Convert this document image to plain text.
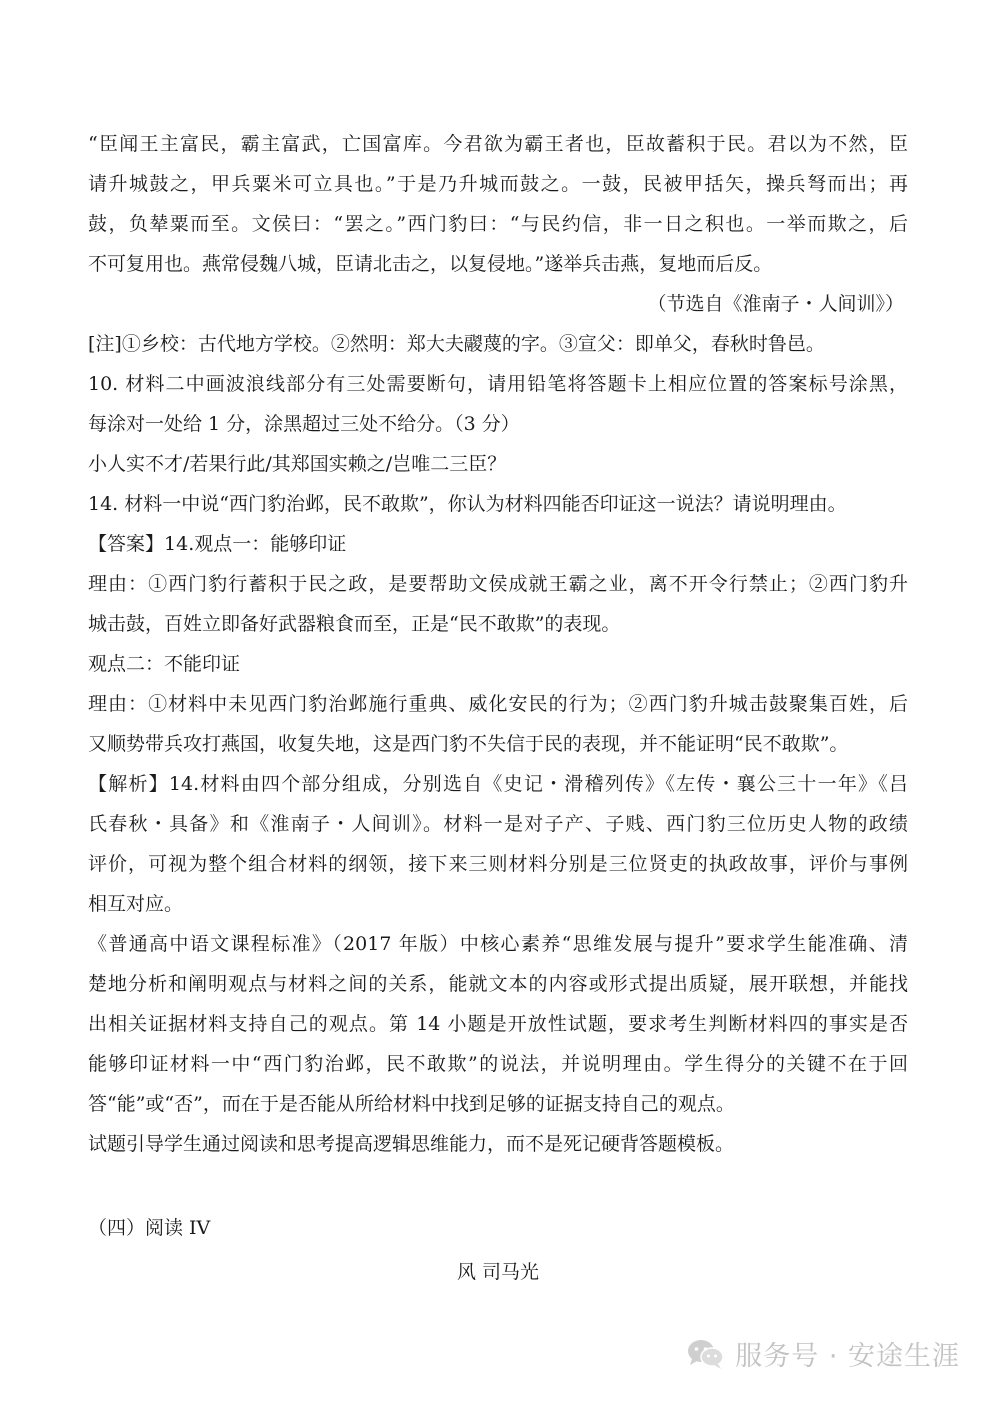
“臣闻王主富民，霸主富武，亡国富库。今君欲为霸王者也，臣故蓄积于民。君以为不然，臣
请升城鼓之，甲兵粟米可立具也。”于是乃升城而鼓之。一鼓，民被甲括矢，操兵弩而出；再
鼓，负辇粟而至。文侯曰：“罢之。”西门豹曰：“与民约信，非一日之积也。一举而欺之，后
不可复用也。燕常侵魏八城，臣请北击之，以复侵地。”遂举兵击燕，复地而后反。
（节选自《淮南子・人间训》）
[注]①乡校：古代地方学校。②然明：郑大夫鬷蔑的字。③宣父：即单父，春秋时鲁邑。
10. 材料二中画波浪线部分有三处需要断句，请用铅笔将答题卡上相应位置的答案标号涂黑，
每涂对一处给 1 分，涂黑超过三处不给分。（3 分）
小人实不才/若果行此/其郑国实赖之/岂唯二三臣？
14. 材料一中说“西门豹治邺，民不敢欺”，你认为材料四能否印证这一说法？请说明理由。
【答案】14.观点一：能够印证
理由：①西门豹行蓄积于民之政，是要帮助文侯成就王霸之业，离不开令行禁止；②西门豹升
城击鼓，百姓立即备好武器粮食而至，正是“民不敢欺”的表现。
观点二：不能印证
理由：①材料中未见西门豹治邺施行重典、威化安民的行为；②西门豹升城击鼓聚集百姓，后
又顺势带兵攻打燕国，收复失地，这是西门豹不失信于民的表现，并不能证明“民不敢欺”。
【解析】14.材料由四个部分组成，分别选自《史记・滑稽列传》《左传・襄公三十一年》《吕
氏春秋・具备》和《淮南子・人间训》。材料一是对子产、子贱、西门豹三位历史人物的政绩
评价，可视为整个组合材料的纲领，接下来三则材料分别是三位贤吏的执政故事，评价与事例
相互对应。
《普通高中语文课程标准》（2017 年版）中核心素养“思维发展与提升”要求学生能准确、清
楚地分析和阐明观点与材料之间的关系，能就文本的内容或形式提出质疑，展开联想，并能找
出相关证据材料支持自己的观点。第 14 小题是开放性试题，要求考生判断材料四的事实是否
能够印证材料一中“西门豹治邺，民不敢欺”的说法，并说明理由。学生得分的关键不在于回
答“能”或“否”，而在于是否能从所给材料中找到足够的证据支持自己的观点。
试题引导学生通过阅读和思考提高逻辑思维能力，而不是死记硬背答题模板。
（四）阅读 IV
风 司马光
服务号 · 安途生涯
